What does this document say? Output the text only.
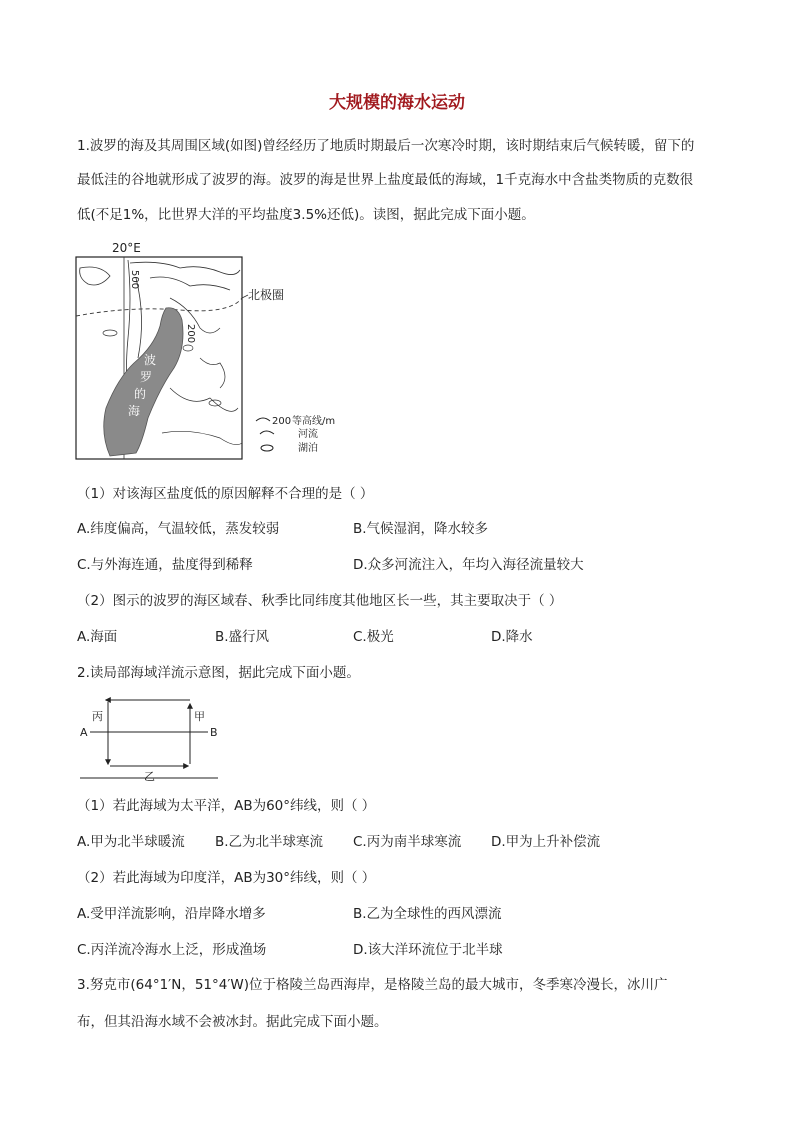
大规模的海水运动
1.波罗的海及其周围区域(如图)曾经经历了地质时期最后一次寒冷时期，该时期结束后气候转暖，留下的
最低洼的谷地就形成了波罗的海。波罗的海是世界上盐度最低的海域，1千克海水中含盐类物质的克数很
低(不足1%，比世界大洋的平均盐度3.5%还低)。读图，据此完成下面小题。
20°E
北极圈
500
200
波
罗
的
海
200 等高线/m
河流
湖泊
（1）对该海区盐度低的原因解释不合理的是（ ）
A.纬度偏高，气温较低，蒸发较弱	B.气候湿润，降水较多
C.与外海连通，盐度得到稀释	D.众多河流注入，年均入海径流量较大
（2）图示的波罗的海区域春、秋季比同纬度其他地区长一些，其主要取决于（ ）
A.海面	B.盛行风	C.极光	D.降水
2.读局部海域洋流示意图，据此完成下面小题。
丙	甲
A	B
乙
（1）若此海域为太平洋，AB为60°纬线，则（ ）
A.甲为北半球暖流 B.乙为北半球寒流 C.丙为南半球寒流 D.甲为上升补偿流
（2）若此海域为印度洋，AB为30°纬线，则（ ）
A.受甲洋流影响，沿岸降水增多	B.乙为全球性的西风漂流
C.丙洋流冷海水上泛，形成渔场	D.该大洋环流位于北半球
3.努克市(64°1′N，51°4′W)位于格陵兰岛西海岸，是格陵兰岛的最大城市，冬季寒冷漫长，冰川广
布，但其沿海水域不会被冰封。据此完成下面小题。
